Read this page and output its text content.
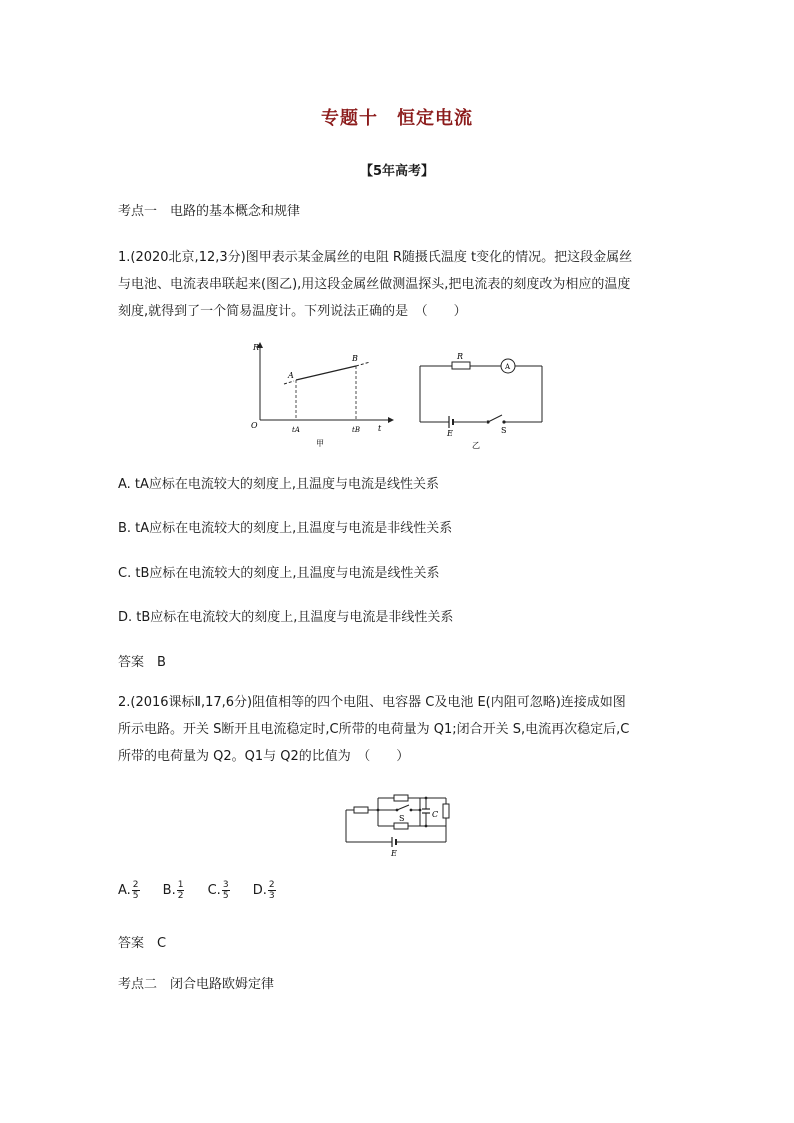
专题十　恒定电流
【5年高考】
考点一　电路的基本概念和规律
1.(2020北京,12,3分)图甲表示某金属丝的电阻 R随摄氏温度 t变化的情况。把这段金属丝
与电池、电流表串联起来(图乙),用这段金属丝做测温探头,把电流表的刻度改为相应的温度
刻度,就得到了一个简易温度计。下列说法正确的是　（　　）
R
O	t
A
B
tA	tB
甲
R
A
E	S
乙
A. tA应标在电流较大的刻度上,且温度与电流是线性关系
B. tA应标在电流较大的刻度上,且温度与电流是非线性关系
C. tB应标在电流较大的刻度上,且温度与电流是线性关系
D. tB应标在电流较大的刻度上,且温度与电流是非线性关系
答案　B
2.(2016课标Ⅱ,17,6分)阻值相等的四个电阻、电容器 C及电池 E(内阻可忽略)连接成如图
所示电路。开关 S断开且电流稳定时,C所带的电荷量为 Q1;闭合开关 S,电流再次稳定后,C
所带的电荷量为 Q2。Q1与 Q2的比值为　（　　）
S	C
E
A. $\frac{2}{5} B$. $\frac{1}{2} C$. $\frac{3}{5} D$. $\frac{2}{3}$
答案　C
考点二　闭合电路欧姆定律
